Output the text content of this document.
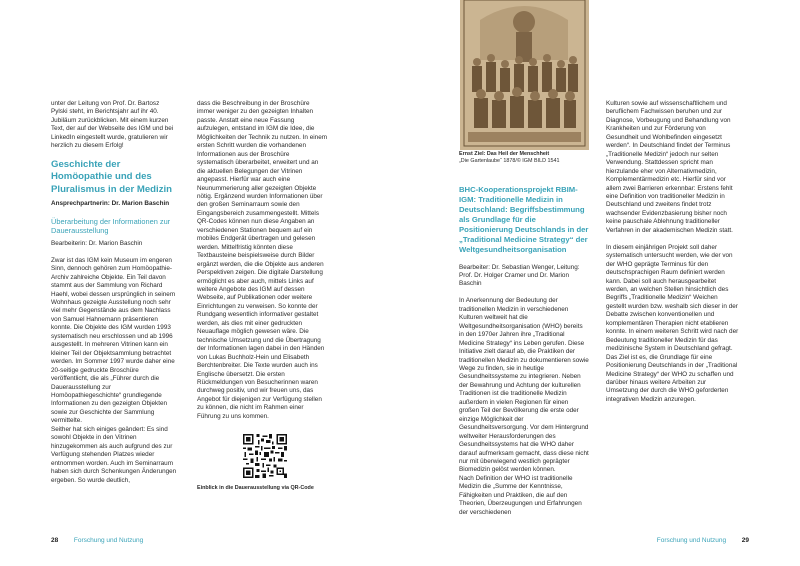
unter der Leitung von Prof. Dr. Bartosz Pylski steht, im Berichtsjahr auf ihr 40. Jubiläum zurückblicken. Mit einem kurzen Text, der auf der Webseite des IGM und bei LinkedIn eingestellt wurde, gratulieren wir herzlich zu diesem Erfolg!

Geschichte der Homöopathie und des Pluralismus in der Medizin

Ansprechpartnerin: Dr. Marion Baschin

Überarbeitung der Informationen zur Dauerausstellung

Bearbeiterin: Dr. Marion Baschin

Zwar ist das IGM kein Museum im engeren Sinn, dennoch gehören zum Homöopathie-Archiv zahlreiche Objekte. Ein Teil davon stammt aus der Sammlung von Richard Haehl, wobei dessen ursprünglich in seinem Wohnhaus gezeigte Ausstellung noch sehr viel mehr Gegenstände aus dem Nachlass von Samuel Hahnemann präsentieren konnte. Die Objekte des IGM wurden 1993 systematisch neu erschlossen und ab 1996 ausgestellt. In mehreren Vitrinen kann ein kleiner Teil der Objektsammlung betrachtet werden. Im Sommer 1997 wurde daher eine 20-seitige gedruckte Broschüre veröffentlicht, die als „Führer durch die Dauerausstellung zur Homöopathiegeschichte“ grundlegende Informationen zu den gezeigten Objekten sowie zur Geschichte der Sammlung vermittelte.

Seither hat sich einiges geändert: Es sind sowohl Objekte in den Vitrinen hinzugekommen als auch aufgrund des zur Verfügung stehenden Platzes wieder entnommen worden. Auch im Seminarraum haben sich durch Schenkungen Änderungen ergeben. So wurde deutlich,

dass die Beschreibung in der Broschüre immer weniger zu den gezeigten Inhalten passte. Anstatt eine neue Fassung aufzulegen, entstand im IGM die Idee, die Möglichkeiten der Technik zu nutzen. In einem ersten Schritt wurden die vorhandenen Informationen aus der Broschüre systematisch überarbeitet, erweitert und an die aktuellen Belegungen der Vitrinen angepasst. Hierfür war auch eine Neunummerierung aller gezeigten Objekte nötig. Ergänzend wurden Informationen über den großen Seminarraum sowie den Eingangsbereich zusammengestellt. Mittels QR-Codes können nun diese Angaben an verschiedenen Stationen bequem auf ein mobiles Endgerät übertragen und gelesen werden. Mittelfristig könnten diese Textbausteine beispielsweise durch Bilder ergänzt werden, die die Objekte aus anderen Perspektiven zeigen. Die digitale Darstellung ermöglicht es aber auch, mittels Links auf weitere Angebote des IGM auf dessen Webseite, auf Publikationen oder weitere Einrichtungen zu verweisen. So konnte der Rundgang wesentlich informativer gestaltet werden, als dies mit einer gedruckten Neuauflage möglich gewesen wäre. Die technische Umsetzung und die Übertragung der Informationen lagen dabei in den Händen von Lukas Buchholz-Hein und Elisabeth Berchtenbreiter. Die Texte wurden auch ins Englische übersetzt. Die ersten Rückmeldungen von Besucherinnen waren durchweg positiv, und wir freuen uns, das Angebot für diejenigen zur Verfügung stellen zu können, die nicht im Rahmen einer Führung zu uns kommen.

Einblick in die Dauerausstellung via QR-Code
28 Forschung und Nutzung
Ernst Ziel: Das Heil der Menschheit
„Die Gartenlaube“ 1878/© IGM BILD 1541

BHC-Kooperationsprojekt RBIM-IGM: Traditionelle Medizin in Deutschland: Begriffsbestimmung als Grundlage für die Positionierung Deutschlands in der „Traditional Medicine Strategy“ der Weltgesundheitsorganisation

Bearbeiter: Dr. Sebastian Wenger, Leitung: Prof. Dr. Holger Cramer und Dr. Marion Baschin

In Anerkennung der Bedeutung der traditionellen Medizin in verschiedenen Kulturen weltweit hat die Weltgesundheitsorganisation (WHO) bereits in den 1970er Jahren ihre „Traditional Medicine Strategy“ ins Leben gerufen. Diese Initiative zielt darauf ab, die Praktiken der traditionellen Medizin zu dokumentieren sowie Wege zu finden, sie in heutige Gesundheitssysteme zu integrieren. Neben der Bewahrung und Achtung der kulturellen Traditionen ist die traditionelle Medizin außerdem in vielen Regionen für einen großen Teil der Bevölkerung die erste oder einzige Möglichkeit der Gesundheitsversorgung. Vor dem Hintergrund weltweiter Herausforderungen des Gesundheitssystems hat die WHO daher darauf aufmerksam gemacht, dass diese nicht nur mit überwiegend westlich geprägter Biomedizin gelöst werden können.

Nach Definition der WHO ist traditionelle Medizin die „Summe der Kenntnisse, Fähigkeiten und Praktiken, die auf den Theorien, Überzeugungen und Erfahrungen der verschiedenen

Kulturen sowie auf wissenschaftlichem und beruflichem Fachwissen beruhen und zur Diagnose, Vorbeugung und Behandlung von Krankheiten und zur Förderung von Gesundheit und Wohlbefinden eingesetzt werden“. In Deutschland findet der Terminus „Traditionelle Medizin“ jedoch nur selten Verwendung. Stattdessen spricht man hierzulande eher von Alternativmedizin, Komplementärmedizin etc. Hierfür sind vor allem zwei Barrieren erkennbar: Erstens fehlt eine Definition von traditioneller Medizin in Deutschland und zweitens findet trotz wachsender Evidenzbasierung bisher noch keine pauschale Ablehnung traditioneller Verfahren in der akademischen Medizin statt.

In diesem einjährigen Projekt soll daher systematisch untersucht werden, wie der von der WHO geprägte Terminus für den deutschsprachigen Raum definiert werden kann. Dabei soll auch herausgearbeitet werden, an welchen Stellen hinsichtlich des Begriffs „Traditionelle Medizin“ Weichen gestellt wurden bzw. weshalb sich dieser in der Debatte zwischen konventionellen und komplementären Therapien nicht etablieren konnte. In einem weiteren Schritt wird nach der Bedeutung traditioneller Medizin für das medizinische System in Deutschland gefragt. Das Ziel ist es, die Grundlage für eine Positionierung Deutschlands in der „Traditional Medicine Strategy“ der WHO zu schaffen und darüber hinaus weitere Arbeiten zur Umsetzung der durch die WHO geforderten integrativen Medizin anzuregen.

Forschung und Nutzung 29
